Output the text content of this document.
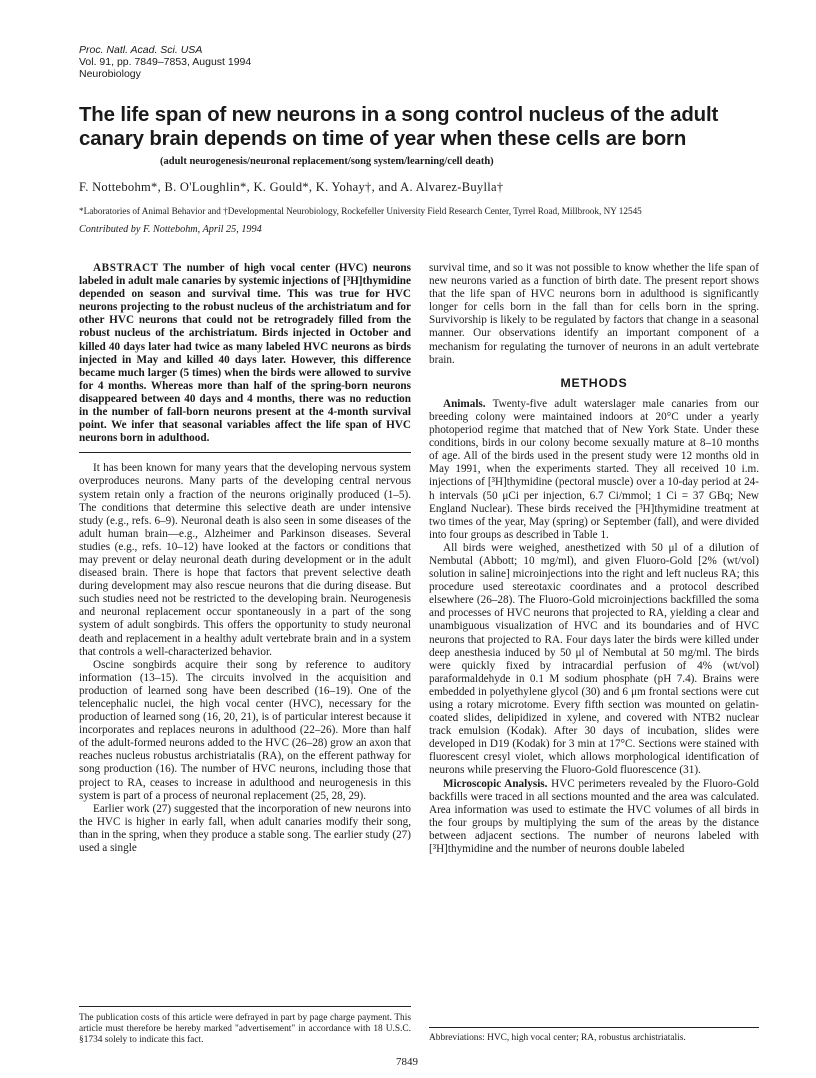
Proc. Natl. Acad. Sci. USA
Vol. 91, pp. 7849–7853, August 1994
Neurobiology
The life span of new neurons in a song control nucleus of the adult canary brain depends on time of year when these cells are born
(adult neurogenesis/neuronal replacement/song system/learning/cell death)
F. Nottebohm*, B. O'Loughlin*, K. Gould*, K. Yohay†, and A. Alvarez-Buylla†
*Laboratories of Animal Behavior and †Developmental Neurobiology, Rockefeller University Field Research Center, Tyrrel Road, Millbrook, NY 12545
Contributed by F. Nottebohm, April 25, 1994

ABSTRACT The number of high vocal center (HVC) neurons labeled in adult male canaries by systemic injections of [³H]thymidine depended on season and survival time. This was true for HVC neurons projecting to the robust nucleus of the archistriatum and for other HVC neurons that could not be retrogradely filled from the robust nucleus of the archistriatum. Birds injected in October and killed 40 days later had twice as many labeled HVC neurons as birds injected in May and killed 40 days later. However, this difference became much larger (5 times) when the birds were allowed to survive for 4 months. Whereas more than half of the spring-born neurons disappeared between 40 days and 4 months, there was no reduction in the number of fall-born neurons present at the 4-month survival point. We infer that seasonal variables affect the life span of HVC neurons born in adulthood.

It has been known for many years that the developing nervous system overproduces neurons. Many parts of the developing central nervous system retain only a fraction of the neurons originally produced (1–5). The conditions that determine this selective death are under intensive study (e.g., refs. 6–9). Neuronal death is also seen in some diseases of the adult human brain—e.g., Alzheimer and Parkinson diseases. Several studies (e.g., refs. 10–12) have looked at the factors or conditions that may prevent or delay neuronal death during development or in the adult diseased brain. There is hope that factors that prevent selective death during development may also rescue neurons that die during disease. But such studies need not be restricted to the developing brain. Neurogenesis and neuronal replacement occur spontaneously in a part of the song system of adult songbirds. This offers the opportunity to study neuronal death and replacement in a healthy adult vertebrate brain and in a system that controls a well-characterized behavior.

Oscine songbirds acquire their song by reference to auditory information (13–15). The circuits involved in the acquisition and production of learned song have been described (16–19). One of the telencephalic nuclei, the high vocal center (HVC), necessary for the production of learned song (16, 20, 21), is of particular interest because it incorporates and replaces neurons in adulthood (22–26). More than half of the adult-formed neurons added to the HVC (26–28) grow an axon that reaches nucleus robustus archistriatalis (RA), on the efferent pathway for song production (16). The number of HVC neurons, including those that project to RA, ceases to increase in adulthood and neurogenesis in this system is part of a process of neuronal replacement (25, 28, 29).

Earlier work (27) suggested that the incorporation of new neurons into the HVC is higher in early fall, when adult canaries modify their song, than in the spring, when they produce a stable song. The earlier study (27) used a single

survival time, and so it was not possible to know whether the life span of new neurons varied as a function of birth date. The present report shows that the life span of HVC neurons born in adulthood is significantly longer for cells born in the fall than for cells born in the spring. Survivorship is likely to be regulated by factors that change in a seasonal manner. Our observations identify an important component of a mechanism for regulating the turnover of neurons in an adult vertebrate brain.

METHODS

Animals. Twenty-five adult waterslager male canaries from our breeding colony were maintained indoors at 20°C under a yearly photoperiod regime that matched that of New York State. Under these conditions, birds in our colony become sexually mature at 8–10 months of age. All of the birds used in the present study were 12 months old in May 1991, when the experiments started. They all received 10 i.m. injections of [³H]thymidine (pectoral muscle) over a 10-day period at 24-h intervals (50 μCi per injection, 6.7 Ci/mmol; 1 Ci = 37 GBq; New England Nuclear). These birds received the [³H]thymidine treatment at two times of the year, May (spring) or September (fall), and were divided into four groups as described in Table 1.

All birds were weighed, anesthetized with 50 μl of a dilution of Nembutal (Abbott; 10 mg/ml), and given Fluoro-Gold [2% (wt/vol) solution in saline] microinjections into the right and left nucleus RA; this procedure used stereotaxic coordinates and a protocol described elsewhere (26–28). The Fluoro-Gold microinjections backfilled the soma and processes of HVC neurons that projected to RA, yielding a clear and unambiguous visualization of HVC and its boundaries and of HVC neurons that projected to RA. Four days later the birds were killed under deep anesthesia induced by 50 μl of Nembutal at 50 mg/ml. The birds were quickly fixed by intracardial perfusion of 4% (wt/vol) paraformaldehyde in 0.1 M sodium phosphate (pH 7.4). Brains were embedded in polyethylene glycol (30) and 6 μm frontal sections were cut using a rotary microtome. Every fifth section was mounted on gelatin-coated slides, delipidized in xylene, and covered with NTB2 nuclear track emulsion (Kodak). After 30 days of incubation, slides were developed in D19 (Kodak) for 3 min at 17°C. Sections were stained with fluorescent cresyl violet, which allows morphological identification of neurons while preserving the Fluoro-Gold fluorescence (31).

Microscopic Analysis. HVC perimeters revealed by the Fluoro-Gold backfills were traced in all sections mounted and the area was calculated. Area information was used to estimate the HVC volumes of all birds in the four groups by multiplying the sum of the areas by the distance between adjacent sections. The number of neurons labeled with [³H]thymidine and the number of neurons double labeled

The publication costs of this article were defrayed in part by page charge payment. This article must therefore be hereby marked "advertisement" in accordance with 18 U.S.C. §1734 solely to indicate this fact.	Abbreviations: HVC, high vocal center; RA, robustus archistriatalis.
7849
